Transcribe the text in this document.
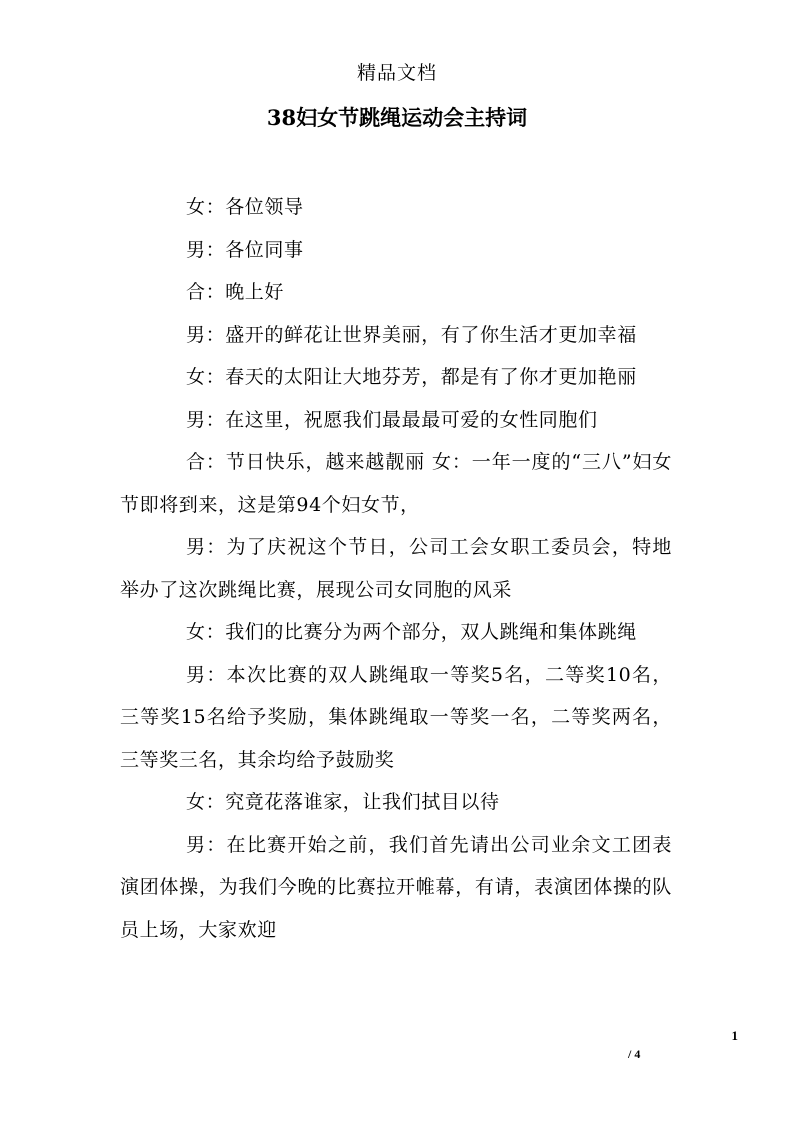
精品文档
38妇女节跳绳运动会主持词

女：各位领导

男：各位同事

合：晚上好

男：盛开的鲜花让世界美丽，有了你生活才更加幸福

女：春天的太阳让大地芬芳，都是有了你才更加艳丽

男：在这里，祝愿我们最最最可爱的女性同胞们

合：节日快乐，越来越靓丽 女：一年一度的“三八”妇女节即将到来，这是第94个妇女节，

男：为了庆祝这个节日，公司工会女职工委员会，特地举办了这次跳绳比赛，展现公司女同胞的风采

女：我们的比赛分为两个部分，双人跳绳和集体跳绳

男：本次比赛的双人跳绳取一等奖5名，二等奖10名，三等奖15名给予奖励，集体跳绳取一等奖一名，二等奖两名，三等奖三名，其余均给予鼓励奖

女：究竟花落谁家，让我们拭目以待

男：在比赛开始之前，我们首先请出公司业余文工团表演团体操，为我们今晚的比赛拉开帷幕，有请，表演团体操的队员上场，大家欢迎

1
/ 4
